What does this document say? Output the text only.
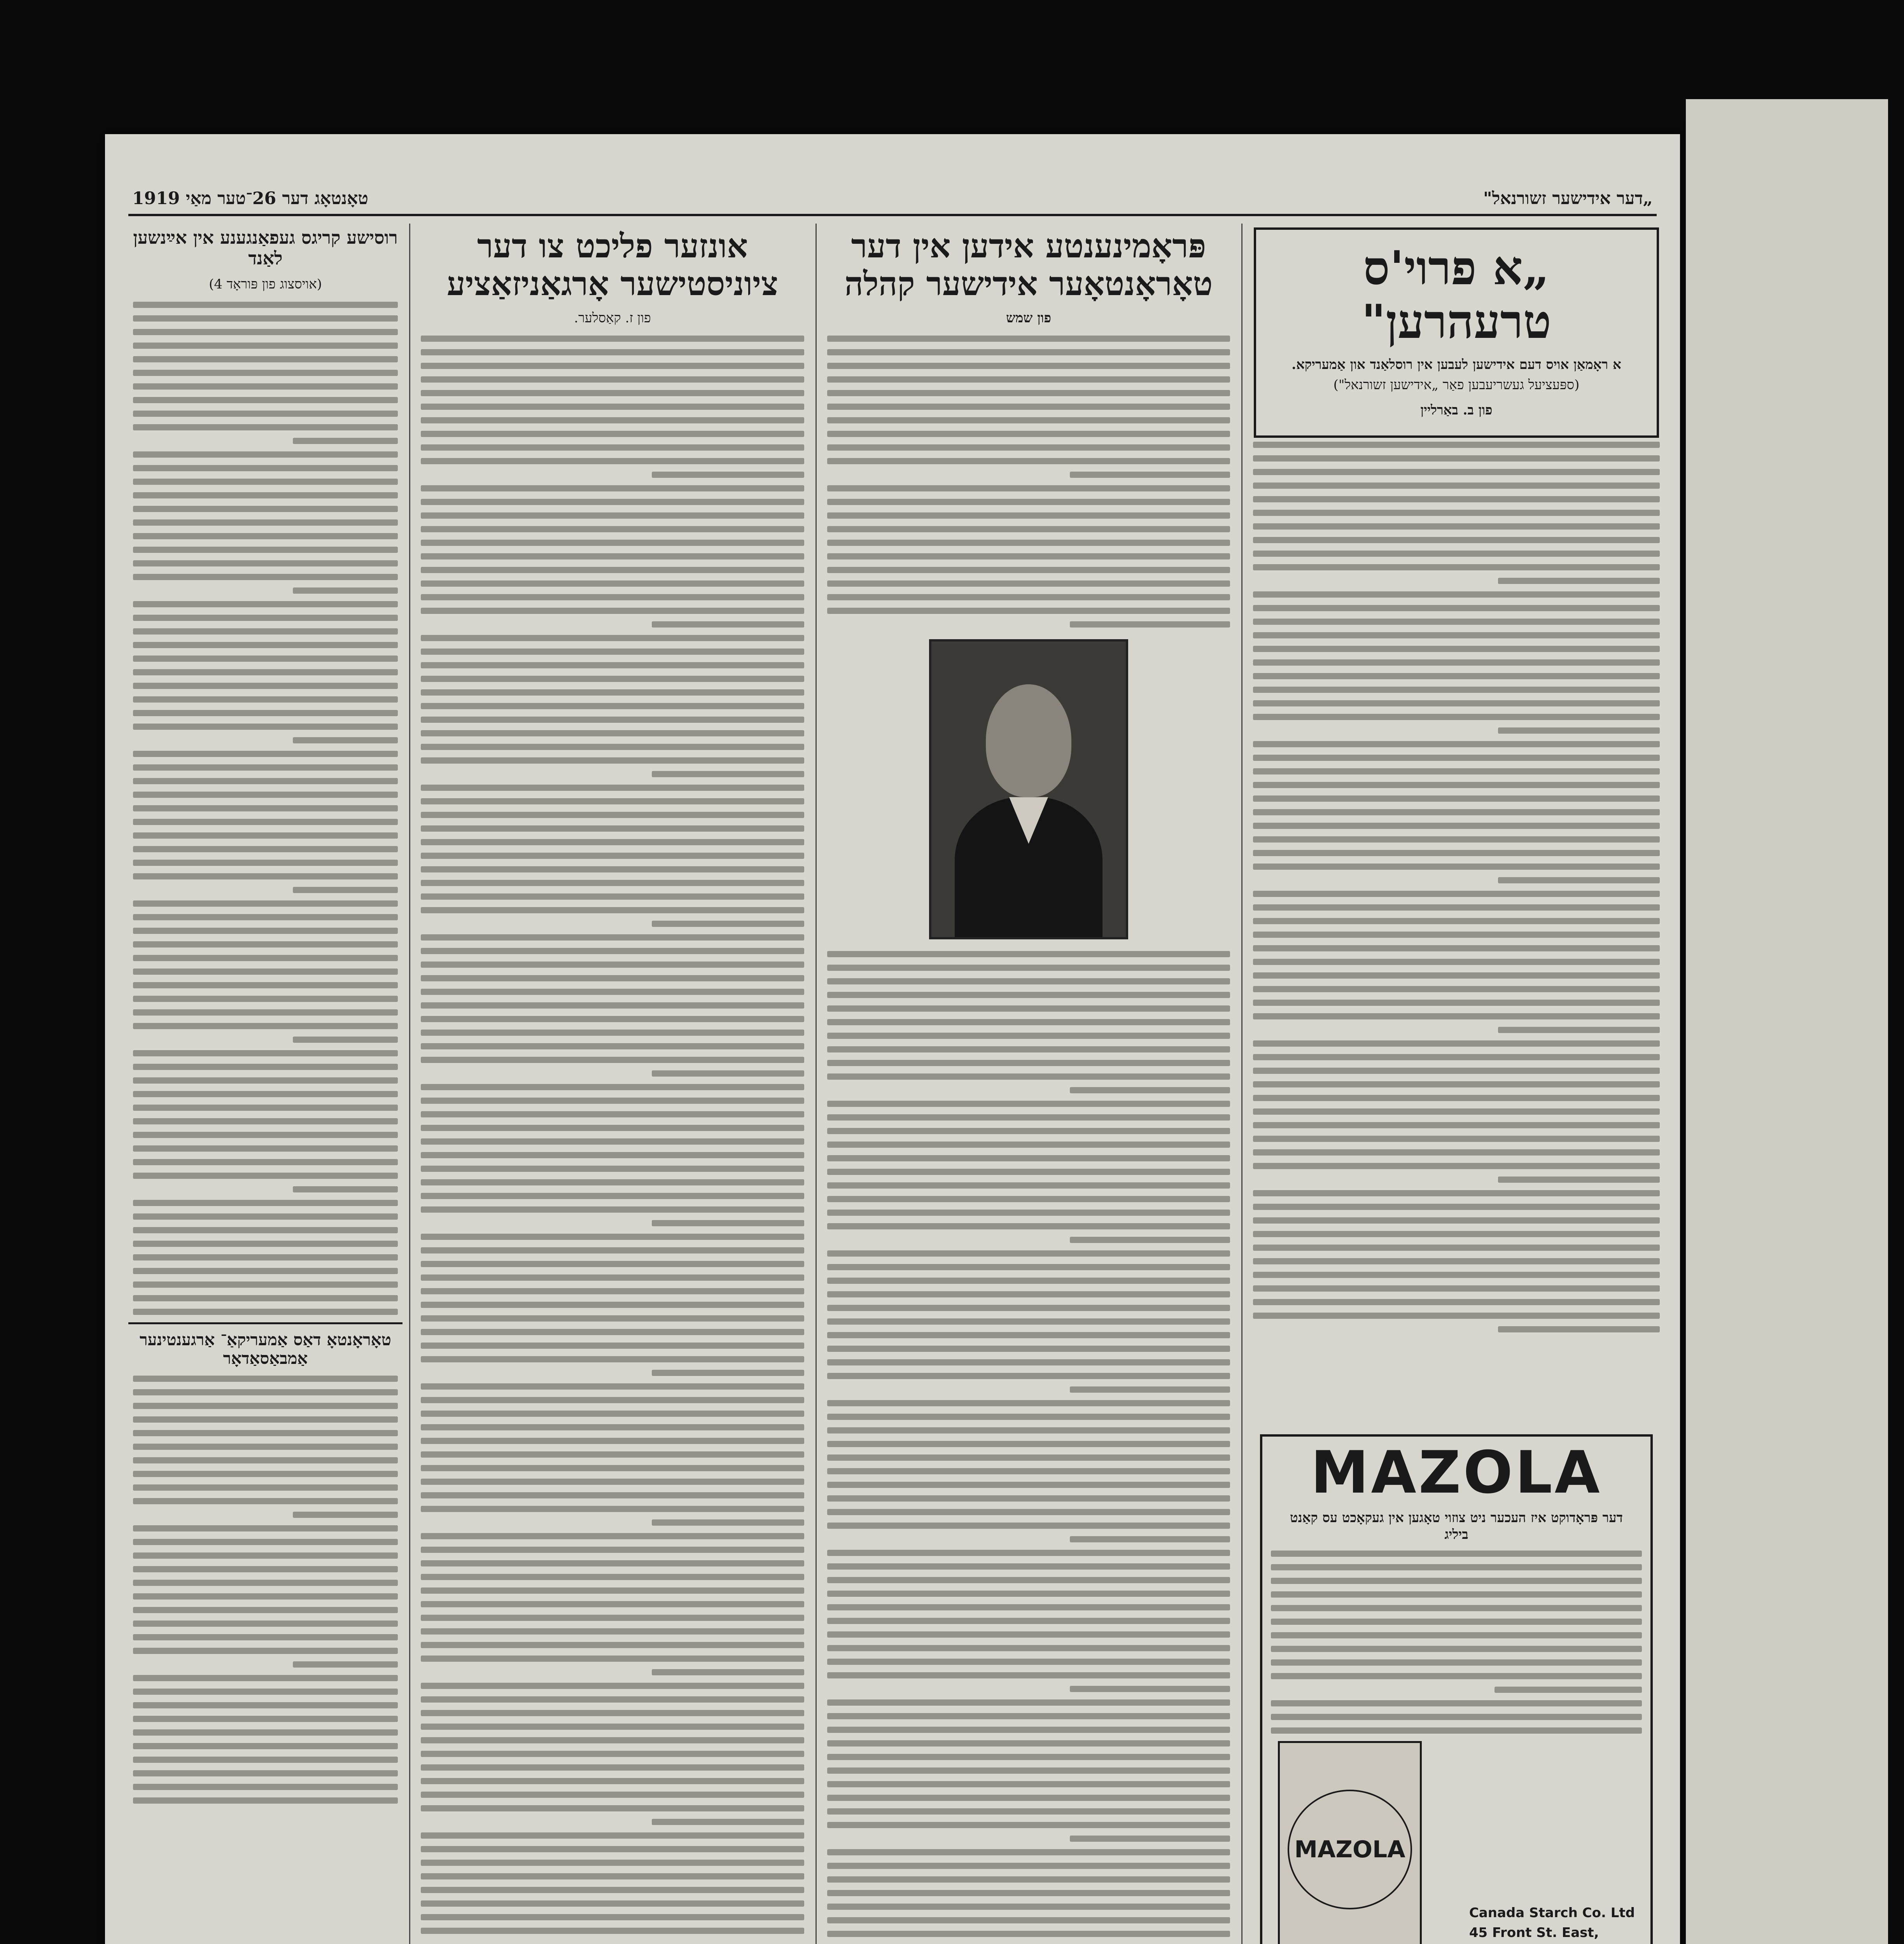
„דער אידישער זשורנאל"
1919 טאָנטאָג דער 26־טער מאַי
„א פרוי'ס טרעהרען"
א ראָמאַן אויס דעם אידישען לעבען אין רוסלאַנד און אַמעריקא.
(ספּעציעל געשריעבען פאַר „אידישען זשורנאל")
פון ב. באַרליין
MAZOLA
דער פּראָדוקט איז העכער ניט צוזוי טאָגען אין געקאָכט עס קאַנט ביליג
MAZOLA
Canada Starch Co. Ltd
45 Front St. East,
פּראָמינענטע אידען אין דער טאָראָנטאָער אידישער קהלה
פון שמש
אונזער פליכט צו דער ציוניסטישער אָרגאַניזאַציע
פון ז. קאַסלער.
רוסישע קריגס געפאַנגענע אין אײַנשען לאַנד
(אויסצוג פון פּוראָד 4)
טאָראָנטאָ דאַס אַמעריקאַ־ אַרגענטינער אַמבאַסאַדאָר
